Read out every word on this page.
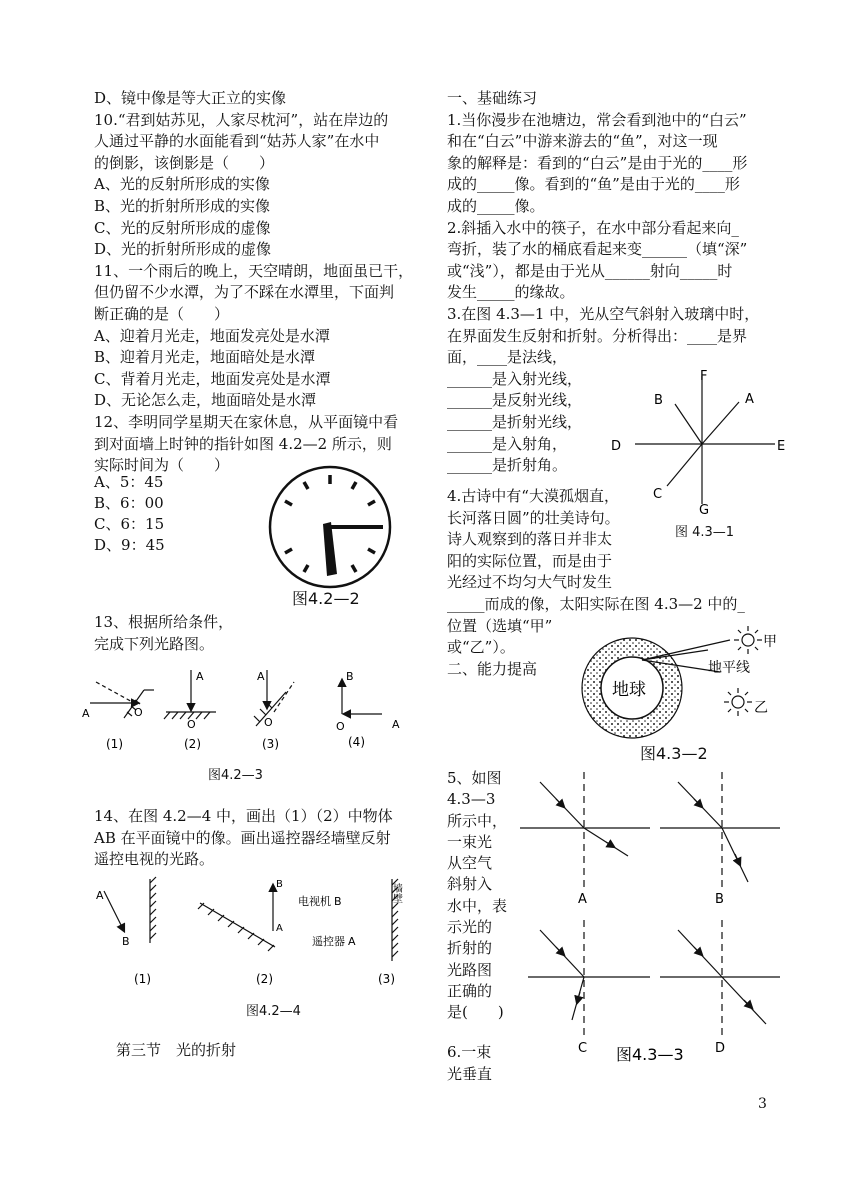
D、镜中像是等大正立的实像

10.“君到姑苏见，人家尽枕河”，站在岸边的

人通过平静的水面能看到“姑苏人家”在水中

的倒影，该倒影是（　　）

A、光的反射所形成的实像

B、光的折射所形成的实像

C、光的反射所形成的虚像

D、光的折射所形成的虚像

11、一个雨后的晚上，天空晴朗，地面虽已干，

但仍留不少水潭，为了不踩在水潭里，下面判

断正确的是（　　）

A、迎着月光走，地面发亮处是水潭

B、迎着月光走，地面暗处是水潭

C、背着月光走，地面发亮处是水潭

D、无论怎么走，地面暗处是水潭

12、李明同学星期天在家休息，从平面镜中看

到对面墙上时钟的指针如图 4.2—2 所示，则

实际时间为（　　）

A、5：45

B、6：00

C、6：15

D、9：45

图4.2—2

13、根据所给条件，

完成下列光路图。

A	O
A
O
A
O
B
O	A
(1)	(2)	(3)	(4)
图4.2—3

14、在图 4.2—4 中，画出（1）（2）中物体

AB 在平面镜中的像。画出遥控器经墙壁反射

遥控电视的光路。

A
B
B
A
电视机 B
遥控器 A
墙壁
(1)	(2)	(3)
图4.2—4
第三节　光的折射

一、基础练习

1.当你漫步在池塘边，常会看到池中的“白云”

和在“白云”中游来游去的“鱼”，对这一现

象的解释是：看到的“白云”是由于光的____形

成的_____像。看到的“鱼”是由于光的____形

成的_____像。

2.斜插入水中的筷子，在水中部分看起来向_

弯折，装了水的桶底看起来变______（填“深”

或“浅”），都是由于光从______射向_____时

发生_____的缘故。

3.在图 4.3—1 中，光从空气斜射入玻璃中时，

在界面发生反射和折射。分析得出：____是界

面，____是法线，

______是入射光线，

______是反射光线，

______是折射光线，

______是入射角，

______是折射角。

F
B	A
D	E
C
G
图 4.3—1

4.古诗中有“大漠孤烟直，

长河落日圆”的壮美诗句。

诗人观察到的落日并非太

阳的实际位置，而是由于

光经过不均匀大气时发生

_____而成的像，太阳实际在图 4.3—2 中的_

位置（选填“甲”

或“乙”）。

二、能力提高

地球
甲
地平线
乙
图4.3—2

5、如图

4.3—3

所示中，

一束光

从空气

斜射入

水中，表

示光的

折射的

光路图

正确的

是(　　)

6.一束

光垂直

A	B
C	D
图4.3—3
3
